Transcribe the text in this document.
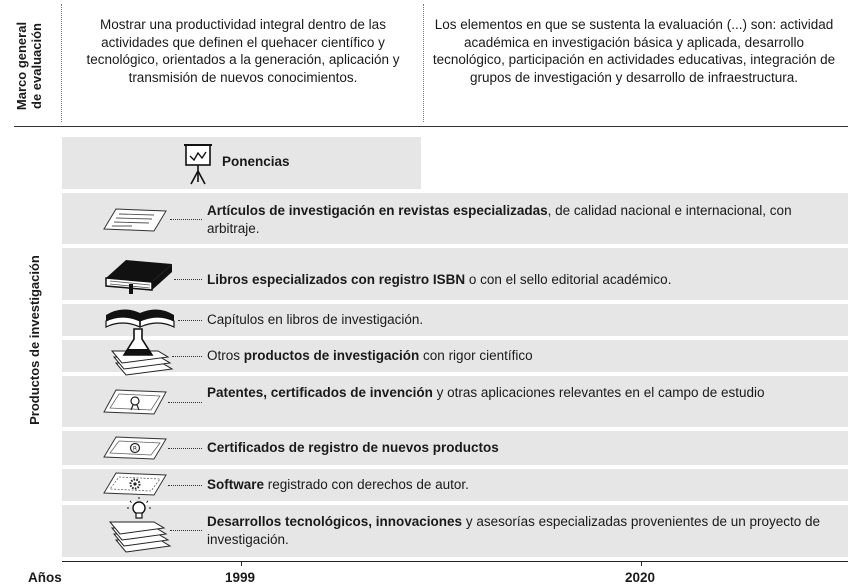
Marco general
de evaluación	Mostrar una productividad integral dentro de las actividades que definen el quehacer científico y tecnológico, orientados a la generación, aplicación y transmisión de nuevos conocimientos.
Los elementos en que se sustenta la evaluación (...) son: actividad académica en investigación básica y aplicada, desarrollo tecnológico, participación en actividades educativas, integración de grupos de investigación y desarrollo de infraestructura.
Productos de investigación
Ponencias
Artículos de investigación en revistas especializadas, de calidad nacional e internacional, con arbitraje.
Libros especializados con registro ISBN o con el sello editorial académico.
Capítulos en libros de investigación.
Otros productos de investigación con rigor científico
Patentes, certificados de invención y otras aplicaciones relevantes en el campo de estudio
R	Certificados de registro de nuevos productos
Software registrado con derechos de autor.
Desarrollos tecnológicos, innovaciones y asesorías especializadas provenientes de un proyecto de investigación.
Años	1999	2020
